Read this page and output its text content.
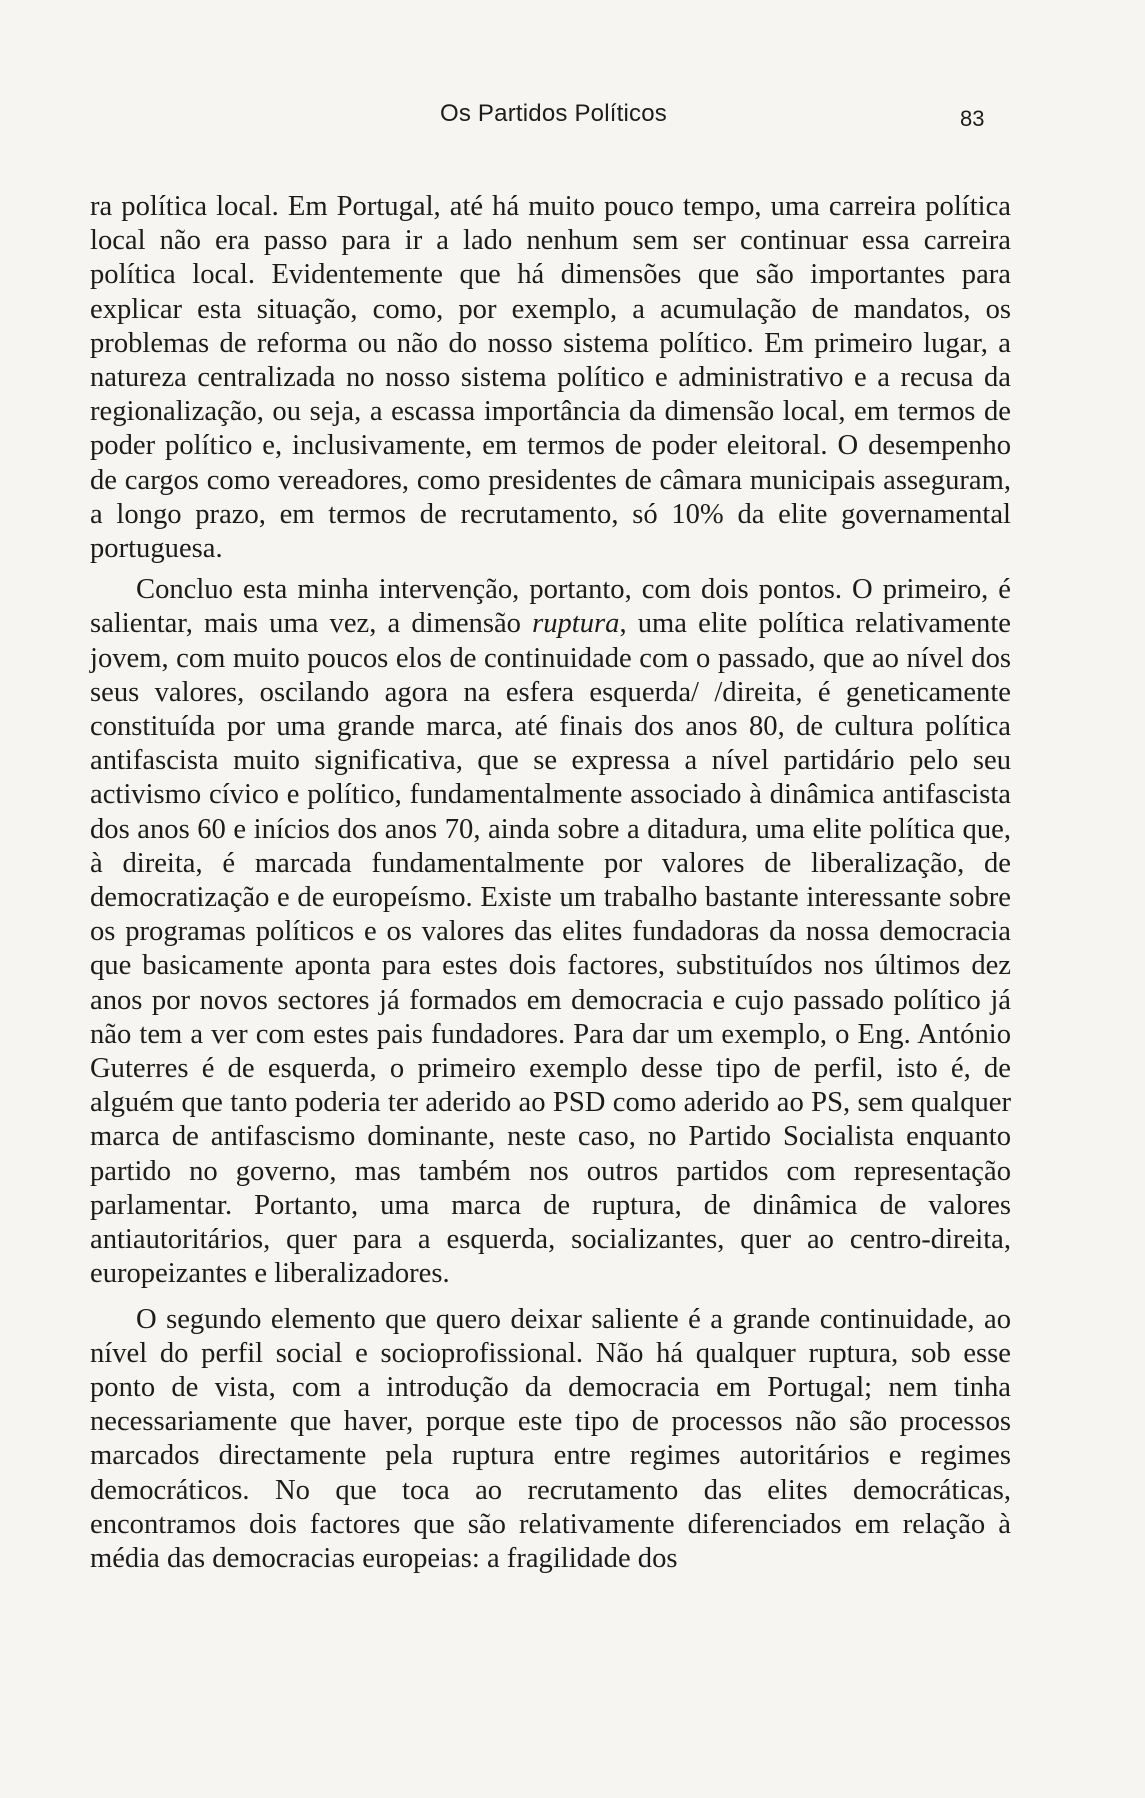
Os Partidos Políticos	83

ra política local. Em Portugal, até há muito pouco tempo, uma carreira política local não era passo para ir a lado nenhum sem ser continuar essa carreira política local. Evidentemente que há dimensões que são importantes para explicar esta situação, como, por exemplo, a acumulação de mandatos, os problemas de reforma ou não do nosso sistema político. Em primeiro lugar, a natureza centralizada no nosso sistema político e administrativo e a recusa da regionalização, ou seja, a escassa importância da dimensão local, em termos de poder político e, inclusivamente, em termos de poder eleitoral. O desempenho de cargos como vereadores, como presidentes de câmara municipais asseguram, a longo prazo, em termos de recrutamento, só 10% da elite governamental portuguesa.

Concluo esta minha intervenção, portanto, com dois pontos. O primeiro, é salientar, mais uma vez, a dimensão ruptura, uma elite política relativamente jovem, com muito poucos elos de continuidade com o passado, que ao nível dos seus valores, oscilando agora na esfera esquerda/ /direita, é geneticamente constituída por uma grande marca, até finais dos anos 80, de cultura política antifascista muito significativa, que se expressa a nível partidário pelo seu activismo cívico e político, fundamentalmente associado à dinâmica antifascista dos anos 60 e inícios dos anos 70, ainda sobre a ditadura, uma elite política que, à direita, é marcada fundamentalmente por valores de liberalização, de democratização e de europeísmo. Existe um trabalho bastante interessante sobre os programas políticos e os valores das elites fundadoras da nossa democracia que basicamente aponta para estes dois factores, substituídos nos últimos dez anos por novos sectores já formados em democracia e cujo passado político já não tem a ver com estes pais fundadores. Para dar um exemplo, o Eng. António Guterres é de esquerda, o primeiro exemplo desse tipo de perfil, isto é, de alguém que tanto poderia ter aderido ao PSD como aderido ao PS, sem qualquer marca de antifascismo dominante, neste caso, no Partido Socialista enquanto partido no governo, mas também nos outros partidos com representação parlamentar. Portanto, uma marca de ruptura, de dinâmica de valores antiautoritários, quer para a esquerda, socializantes, quer ao centro-direita, europeizantes e liberalizadores.

O segundo elemento que quero deixar saliente é a grande continuidade, ao nível do perfil social e socioprofissional. Não há qualquer ruptura, sob esse ponto de vista, com a introdução da democracia em Portugal; nem tinha necessariamente que haver, porque este tipo de processos não são processos marcados directamente pela ruptura entre regimes autoritários e regimes democráticos. No que toca ao recrutamento das elites democráticas, encontramos dois factores que são relativamente diferenciados em relação à média das democracias europeias: a fragilidade dos
